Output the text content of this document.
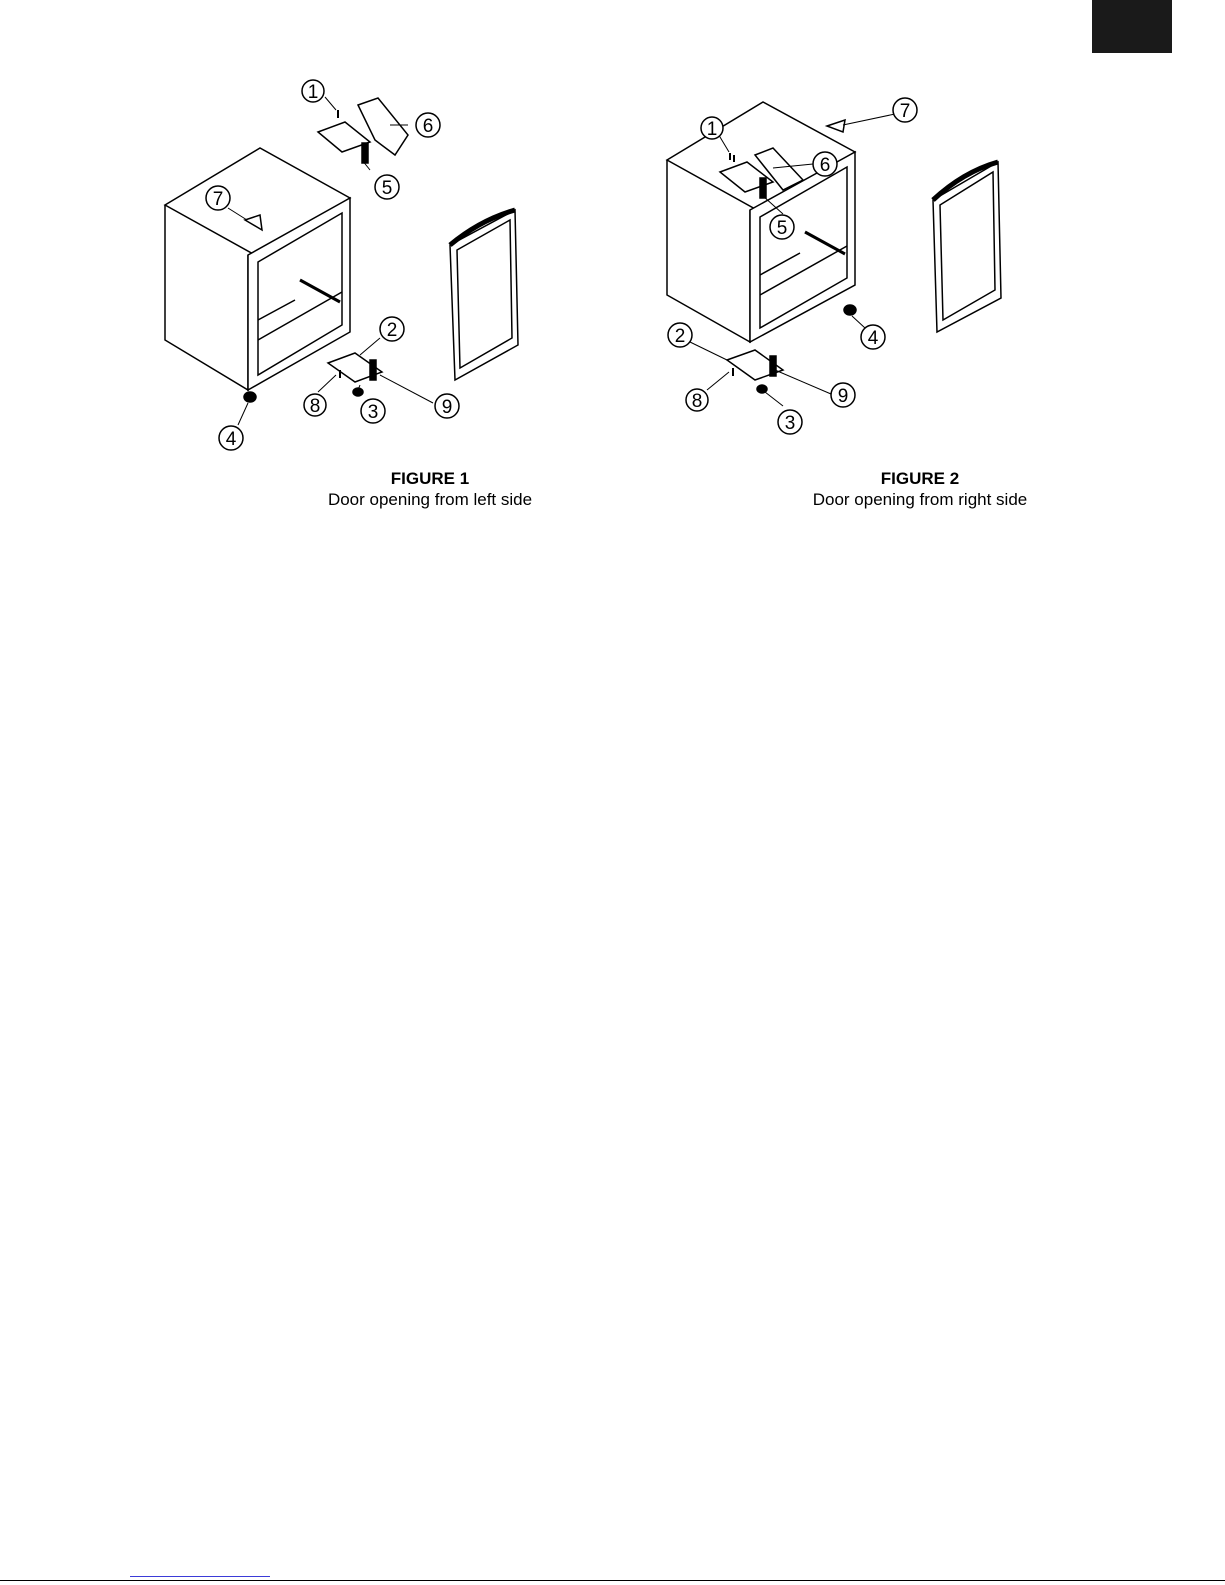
1
6
5
7
2
9
8 3
4
FIGURE 1
Door opening from left side
1
7
6
5
4
2
9
8
3
FIGURE 2
Door opening from right side
